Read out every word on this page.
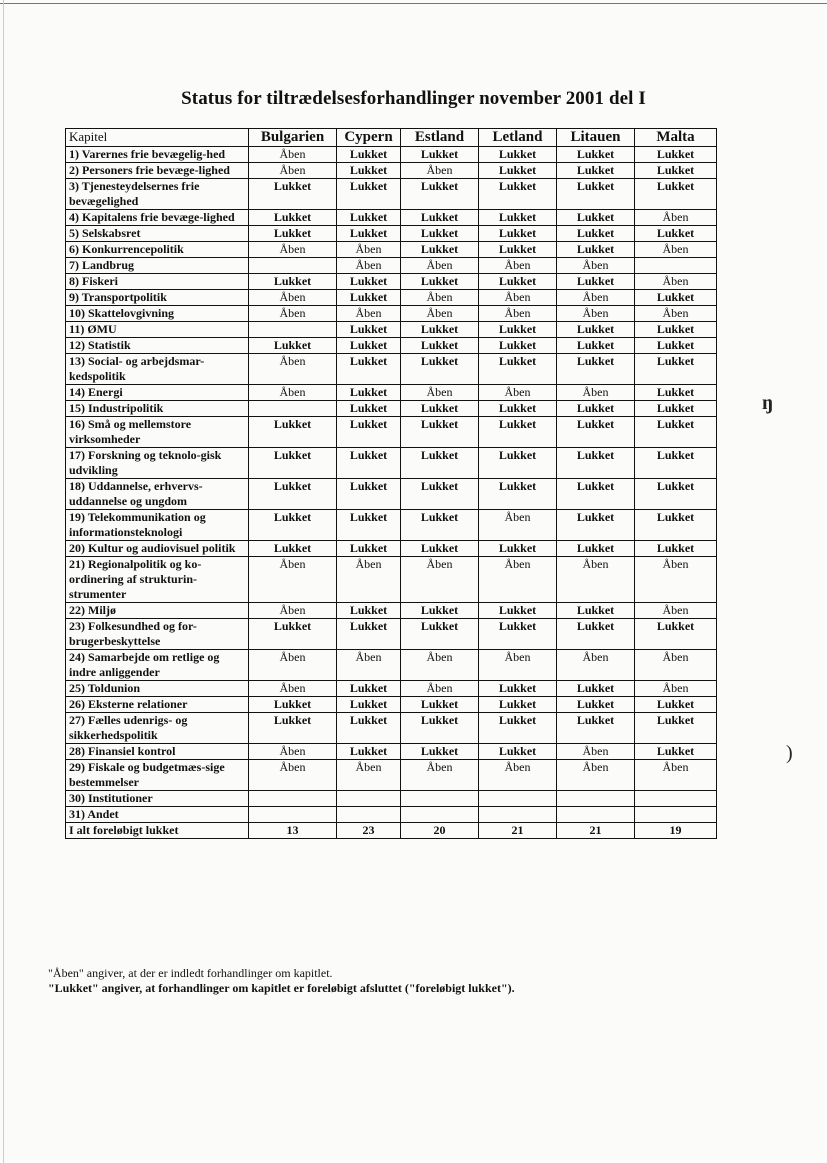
Status for tiltrædelsesforhandlinger november 2001 del I
Kapitel	Bulgarien	Cypern	Estland	Letland	Litauen	Malta
1) Varernes frie bevægelig-hed	Åben	Lukket	Lukket	Lukket	Lukket	Lukket
2) Personers frie bevæge-lighed	Åben	Lukket	Åben	Lukket	Lukket	Lukket
3) Tjenesteydelsernes frie bevægelighed	Lukket	Lukket	Lukket	Lukket	Lukket	Lukket
4) Kapitalens frie bevæge-lighed	Lukket	Lukket	Lukket	Lukket	Lukket	Åben
5) Selskabsret	Lukket	Lukket	Lukket	Lukket	Lukket	Lukket
6) Konkurrencepolitik	Åben	Åben	Lukket	Lukket	Lukket	Åben
7) Landbrug		Åben	Åben	Åben	Åben	
8) Fiskeri	Lukket	Lukket	Lukket	Lukket	Lukket	Åben
9) Transportpolitik	Åben	Lukket	Åben	Åben	Åben	Lukket
10) Skattelovgivning	Åben	Åben	Åben	Åben	Åben	Åben
11) ØMU		Lukket	Lukket	Lukket	Lukket	Lukket
12) Statistik	Lukket	Lukket	Lukket	Lukket	Lukket	Lukket
13) Social- og arbejdsmar-kedspolitik	Åben	Lukket	Lukket	Lukket	Lukket	Lukket
14) Energi	Åben	Lukket	Åben	Åben	Åben	Lukket
15) Industripolitik		Lukket	Lukket	Lukket	Lukket	Lukket
16) Små og mellemstore virksomheder	Lukket	Lukket	Lukket	Lukket	Lukket	Lukket
17) Forskning og teknolo-gisk udvikling	Lukket	Lukket	Lukket	Lukket	Lukket	Lukket
18) Uddannelse, erhvervs-uddannelse og ungdom	Lukket	Lukket	Lukket	Lukket	Lukket	Lukket
19) Telekommunikation og informationsteknologi	Lukket	Lukket	Lukket	Åben	Lukket	Lukket
20) Kultur og audiovisuel politik	Lukket	Lukket	Lukket	Lukket	Lukket	Lukket
21) Regionalpolitik og ko-ordinering af strukturin-strumenter	Åben	Åben	Åben	Åben	Åben	Åben
22) Miljø	Åben	Lukket	Lukket	Lukket	Lukket	Åben
23) Folkesundhed og for-brugerbeskyttelse	Lukket	Lukket	Lukket	Lukket	Lukket	Lukket
24) Samarbejde om retlige og indre anliggender	Åben	Åben	Åben	Åben	Åben	Åben
25) Toldunion	Åben	Lukket	Åben	Lukket	Lukket	Åben
26) Eksterne relationer	Lukket	Lukket	Lukket	Lukket	Lukket	Lukket
27) Fælles udenrigs- og sikkerhedspolitik	Lukket	Lukket	Lukket	Lukket	Lukket	Lukket
28) Finansiel kontrol	Åben	Lukket	Lukket	Lukket	Åben	Lukket
29) Fiskale og budgetmæs-sige bestemmelser	Åben	Åben	Åben	Åben	Åben	Åben
30) Institutioner						
31) Andet						
I alt foreløbigt lukket	13	23	20	21	21	19
"Åben" angiver, at der er indledt forhandlinger om kapitlet.
"Lukket" angiver, at forhandlinger om kapitlet er foreløbigt afsluttet ("foreløbigt lukket").
ŋ
)
